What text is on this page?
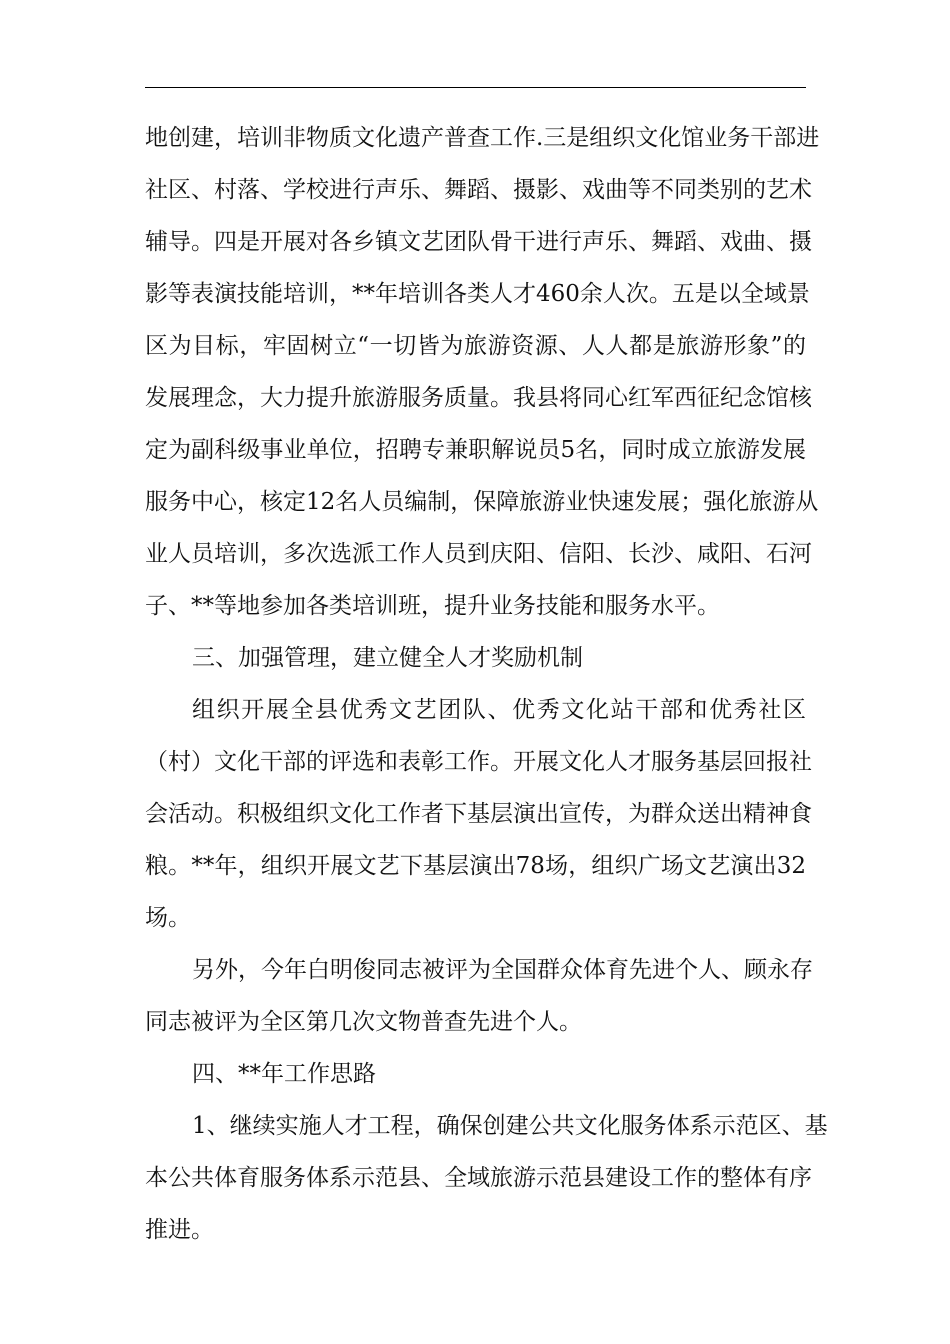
地创建，培训非物质文化遗产普查工作.三是组织文化馆业务干部进
社区、村落、学校进行声乐、舞蹈、摄影、戏曲等不同类别的艺术
辅导。四是开展对各乡镇文艺团队骨干进行声乐、舞蹈、戏曲、摄
影等表演技能培训，**年培训各类人才460余人次。五是以全域景
区为目标，牢固树立“一切皆为旅游资源、人人都是旅游形象”的
发展理念，大力提升旅游服务质量。我县将同心红军西征纪念馆核
定为副科级事业单位，招聘专兼职解说员5名，同时成立旅游发展
服务中心，核定12名人员编制，保障旅游业快速发展；强化旅游从
业人员培训，多次选派工作人员到庆阳、信阳、长沙、咸阳、石河
子、**等地参加各类培训班，提升业务技能和服务水平。
三、加强管理，建立健全人才奖励机制
组织开展全县优秀文艺团队、优秀文化站干部和优秀社区
（村）文化干部的评选和表彰工作。开展文化人才服务基层回报社
会活动。积极组织文化工作者下基层演出宣传，为群众送出精神食
粮。**年，组织开展文艺下基层演出78场，组织广场文艺演出32
场。
另外，今年白明俊同志被评为全国群众体育先进个人、顾永存
同志被评为全区第几次文物普查先进个人。
四、**年工作思路
1、继续实施人才工程，确保创建公共文化服务体系示范区、基
本公共体育服务体系示范县、全域旅游示范县建设工作的整体有序
推进。
